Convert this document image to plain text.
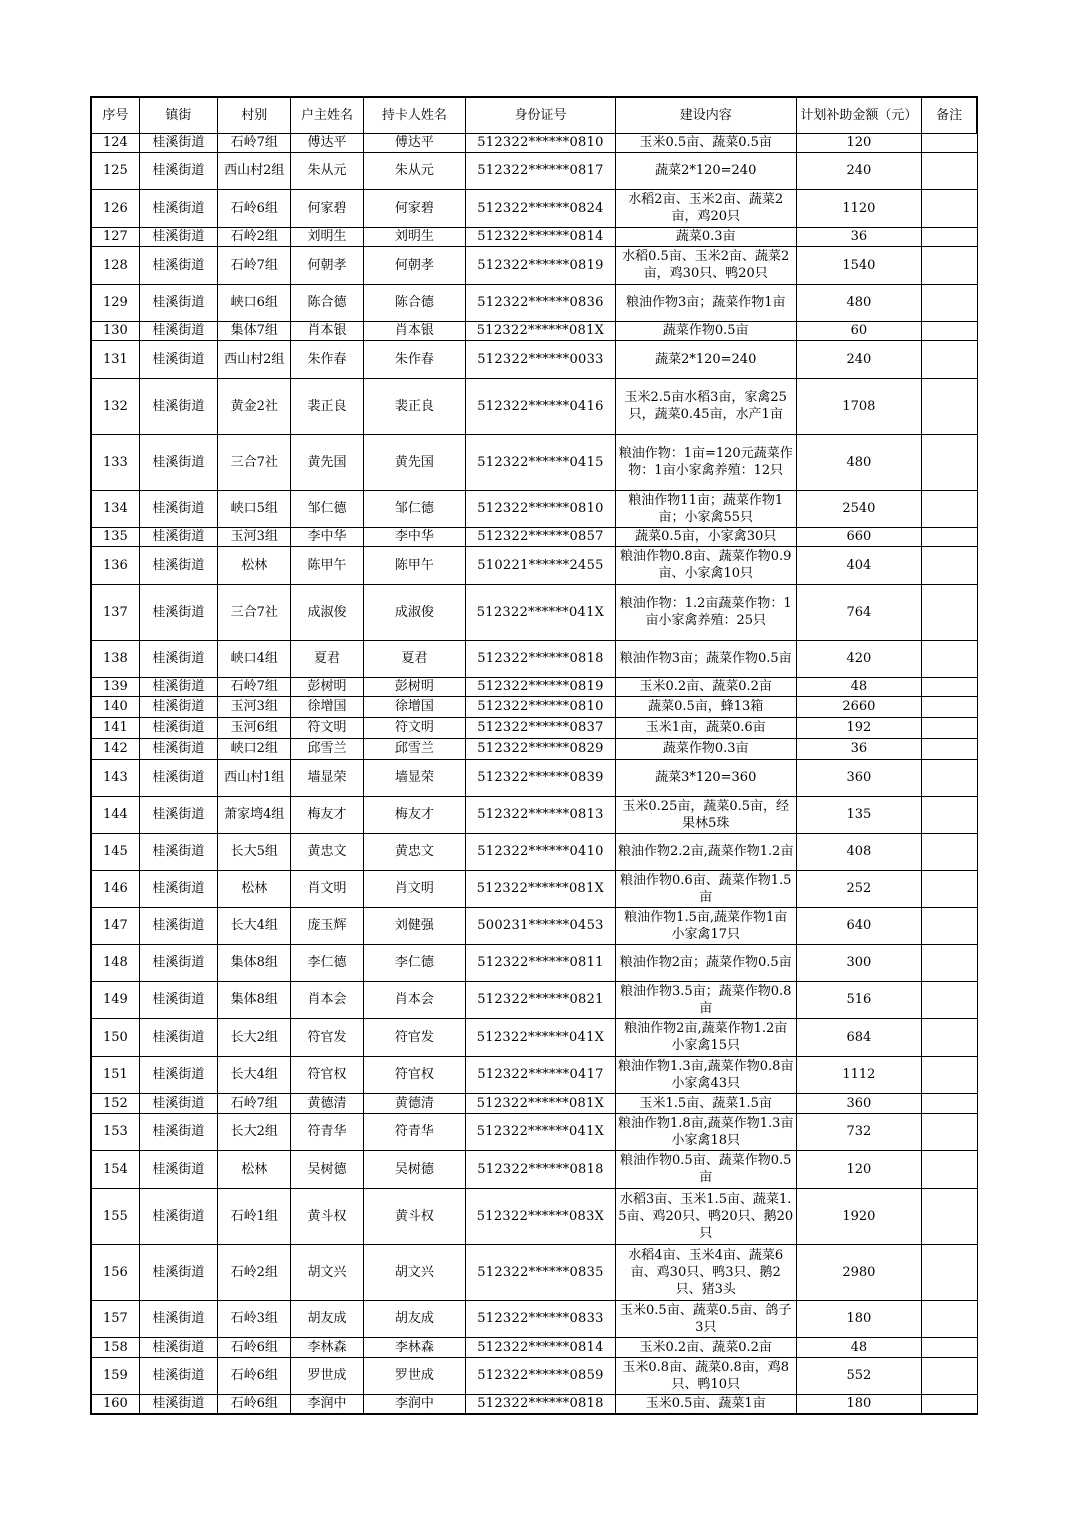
序号	镇街	村别	户主姓名	持卡人姓名	身份证号	建设内容	计划补助金额（元）	备注
124	桂溪街道	石岭7组	傅达平	傅达平	512322******0810	玉米0.5亩、蔬菜0.5亩	120	
125	桂溪街道	西山村2组	朱从元	朱从元	512322******0817	蔬菜2*120=240	240	
126	桂溪街道	石岭6组	何家碧	何家碧	512322******0824	水稻2亩、玉米2亩、蔬菜2亩，鸡20只	1120	
127	桂溪街道	石岭2组	刘明生	刘明生	512322******0814	蔬菜0.3亩	36	
128	桂溪街道	石岭7组	何朝孝	何朝孝	512322******0819	水稻0.5亩、玉米2亩、蔬菜2亩，鸡30只、鸭20只	1540	
129	桂溪街道	峡口6组	陈合德	陈合德	512322******0836	粮油作物3亩；蔬菜作物1亩	480	
130	桂溪街道	集体7组	肖本银	肖本银	512322******081X	蔬菜作物0.5亩	60	
131	桂溪街道	西山村2组	朱作春	朱作春	512322******0033	蔬菜2*120=240	240	
132	桂溪街道	黄金2社	裴正良	裴正良	512322******0416	玉米2.5亩水稻3亩，家禽25只，蔬菜0.45亩，水产1亩	1708	
133	桂溪街道	三合7社	黄先国	黄先国	512322******0415	粮油作物：1亩=120元蔬菜作物：1亩小家禽养殖：12只	480	
134	桂溪街道	峡口5组	邹仁德	邹仁德	512322******0810	粮油作物11亩；蔬菜作物1亩；小家禽55只	2540	
135	桂溪街道	玉河3组	李中华	李中华	512322******0857	蔬菜0.5亩，小家禽30只	660	
136	桂溪街道	松林	陈甲午	陈甲午	510221******2455	粮油作物0.8亩、蔬菜作物0.9亩、小家禽10只	404	
137	桂溪街道	三合7社	成淑俊	成淑俊	512322******041X	粮油作物：1.2亩蔬菜作物：1亩小家禽养殖：25只	764	
138	桂溪街道	峡口4组	夏君	夏君	512322******0818	粮油作物3亩；蔬菜作物0.5亩	420	
139	桂溪街道	石岭7组	彭树明	彭树明	512322******0819	玉米0.2亩、蔬菜0.2亩	48	
140	桂溪街道	玉河3组	徐增国	徐增国	512322******0810	蔬菜0.5亩，蜂13箱	2660	
141	桂溪街道	玉河6组	符文明	符文明	512322******0837	玉米1亩，蔬菜0.6亩	192	
142	桂溪街道	峡口2组	邱雪兰	邱雪兰	512322******0829	蔬菜作物0.3亩	36	
143	桂溪街道	西山村1组	墙显荣	墙显荣	512322******0839	蔬菜3*120=360	360	
144	桂溪街道	萧家塆4组	梅友才	梅友才	512322******0813	玉米0.25亩，蔬菜0.5亩，经果林5珠	135	
145	桂溪街道	长大5组	黄忠文	黄忠文	512322******0410	粮油作物2.2亩,蔬菜作物1.2亩	408	
146	桂溪街道	松林	肖文明	肖文明	512322******081X	粮油作物0.6亩、蔬菜作物1.5亩	252	
147	桂溪街道	长大4组	庞玉辉	刘健强	500231******0453	粮油作物1.5亩,蔬菜作物1亩小家禽17只	640	
148	桂溪街道	集体8组	李仁德	李仁德	512322******0811	粮油作物2亩；蔬菜作物0.5亩	300	
149	桂溪街道	集体8组	肖本会	肖本会	512322******0821	粮油作物3.5亩；蔬菜作物0.8亩	516	
150	桂溪街道	长大2组	符官发	符官发	512322******041X	粮油作物2亩,蔬菜作物1.2亩小家禽15只	684	
151	桂溪街道	长大4组	符官权	符官权	512322******0417	粮油作物1.3亩,蔬菜作物0.8亩小家禽43只	1112	
152	桂溪街道	石岭7组	黄德清	黄德清	512322******081X	玉米1.5亩、蔬菜1.5亩	360	
153	桂溪街道	长大2组	符青华	符青华	512322******041X	粮油作物1.8亩,蔬菜作物1.3亩小家禽18只	732	
154	桂溪街道	松林	吴树德	吴树德	512322******0818	粮油作物0.5亩、蔬菜作物0.5亩	120	
155	桂溪街道	石岭1组	黄斗权	黄斗权	512322******083X	水稻3亩、玉米1.5亩、蔬菜1.5亩、鸡20只、鸭20只、鹅20只	1920	
156	桂溪街道	石岭2组	胡文兴	胡文兴	512322******0835	水稻4亩、玉米4亩、蔬菜6亩、鸡30只、鸭3只、鹅2只、猪3头	2980	
157	桂溪街道	石岭3组	胡友成	胡友成	512322******0833	玉米0.5亩、蔬菜0.5亩、鸽子3只	180	
158	桂溪街道	石岭6组	李林森	李林森	512322******0814	玉米0.2亩、蔬菜0.2亩	48	
159	桂溪街道	石岭6组	罗世成	罗世成	512322******0859	玉米0.8亩、蔬菜0.8亩，鸡8只、鸭10只	552	
160	桂溪街道	石岭6组	李润中	李润中	512322******0818	玉米0.5亩、蔬菜1亩	180	
